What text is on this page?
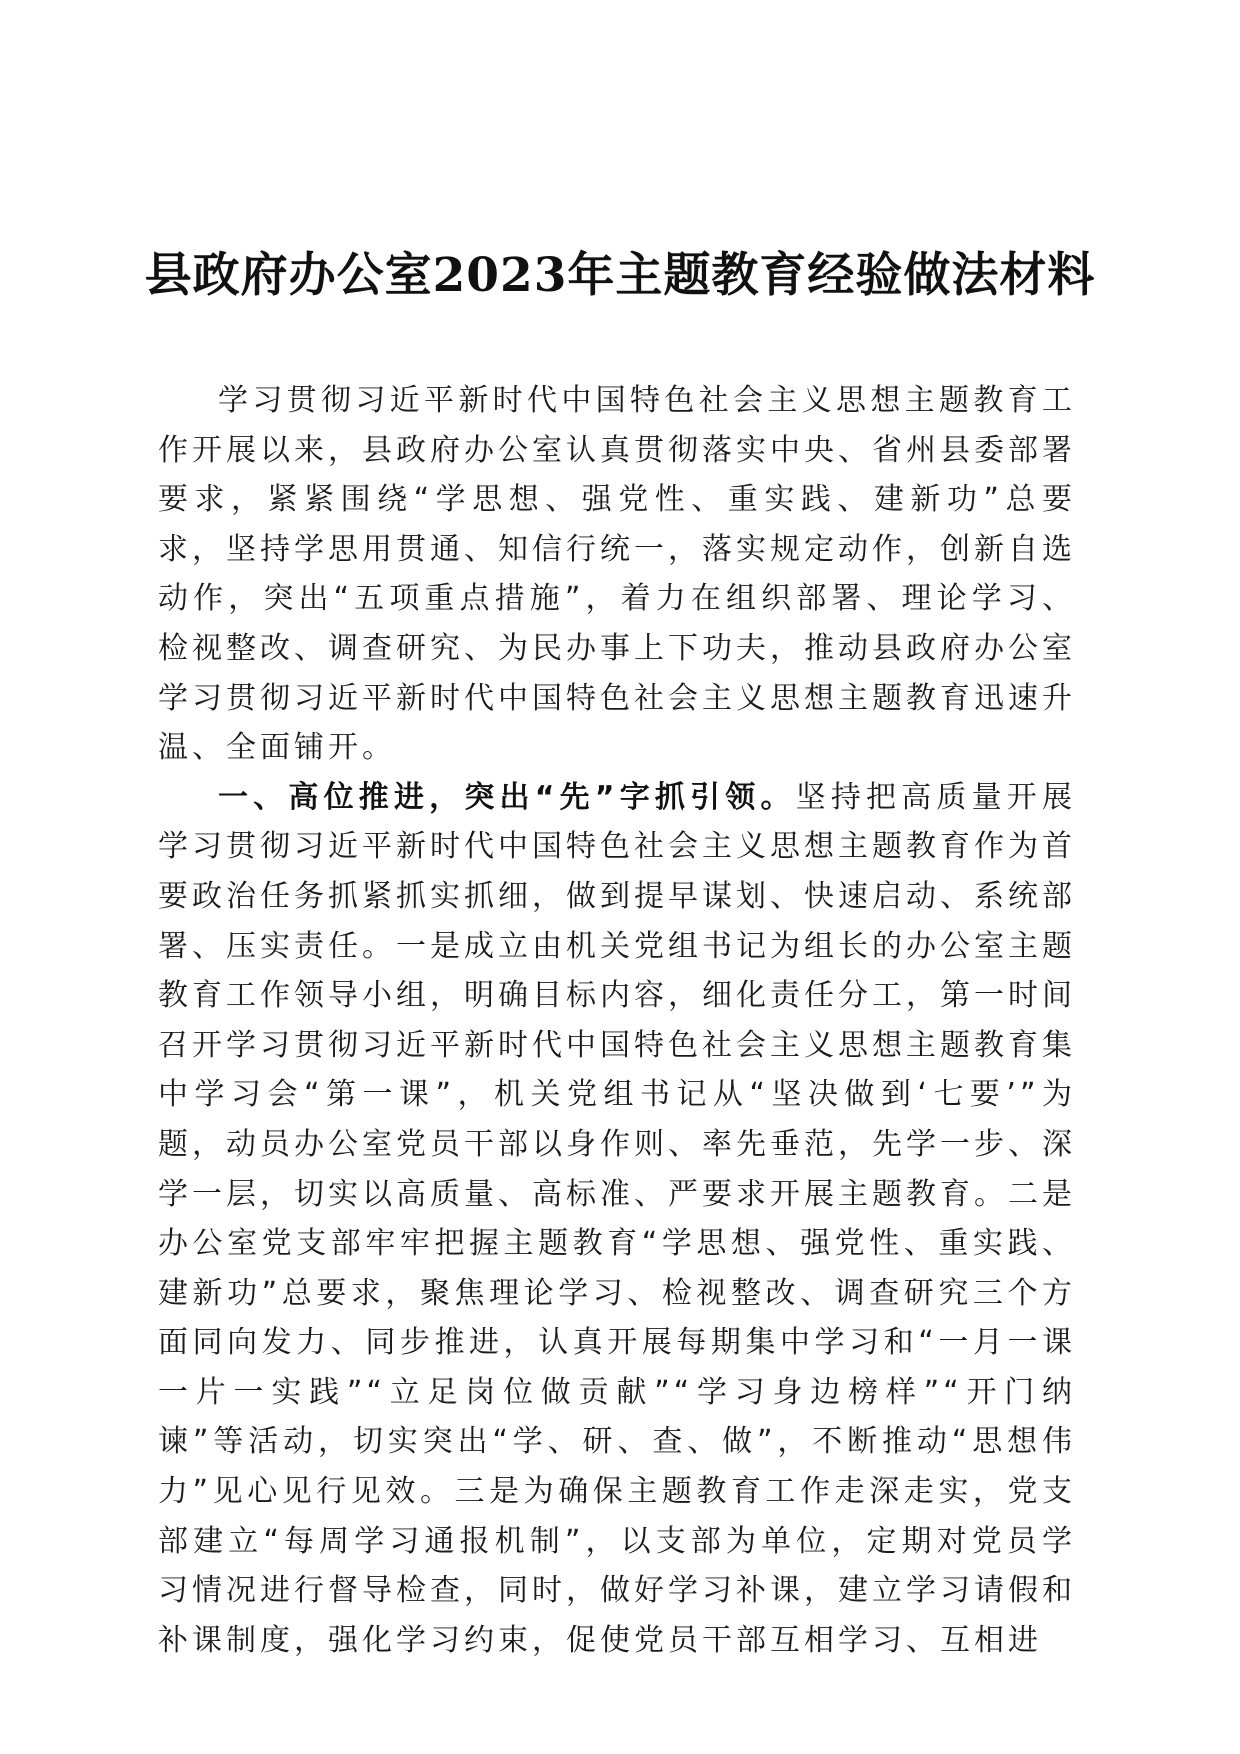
县政府办公室2023年主题教育经验做法材料

学习贯彻习近平新时代中国特色社会主义思想主题教育工作开展以来，县政府办公室认真贯彻落实中央、省州县委部署要求，紧紧围绕“学思想、强党性、重实践、建新功”总要求，坚持学思用贯通、知信行统一，落实规定动作，创新自选动作，突出“五项重点措施”，着力在组织部署、理论学习、检视整改、调查研究、为民办事上下功夫，推动县政府办公室学习贯彻习近平新时代中国特色社会主义思想主题教育迅速升温、全面铺开。

一、高位推进，突出“先”字抓引领。坚持把高质量开展学习贯彻习近平新时代中国特色社会主义思想主题教育作为首要政治任务抓紧抓实抓细，做到提早谋划、快速启动、系统部署、压实责任。一是成立由机关党组书记为组长的办公室主题教育工作领导小组，明确目标内容，细化责任分工，第一时间召开学习贯彻习近平新时代中国特色社会主义思想主题教育集中学习会“第一课”，机关党组书记从“坚决做到‘七要’”为题，动员办公室党员干部以身作则、率先垂范，先学一步、深学一层，切实以高质量、高标准、严要求开展主题教育。二是办公室党支部牢牢把握主题教育“学思想、强党性、重实践、建新功”总要求，聚焦理论学习、检视整改、调查研究三个方面同向发力、同步推进，认真开展每期集中学习和“一月一课一片一实践”“立足岗位做贡献”“学习身边榜样”“开门纳谏”等活动，切实突出“学、研、查、做”，不断推动“思想伟力”见心见行见效。三是为确保主题教育工作走深走实，党支部建立“每周学习通报机制”，以支部为单位，定期对党员学习情况进行督导检查，同时，做好学习补课，建立学习请假和补课制度，强化学习约束，促使党员干部互相学习、互相进
